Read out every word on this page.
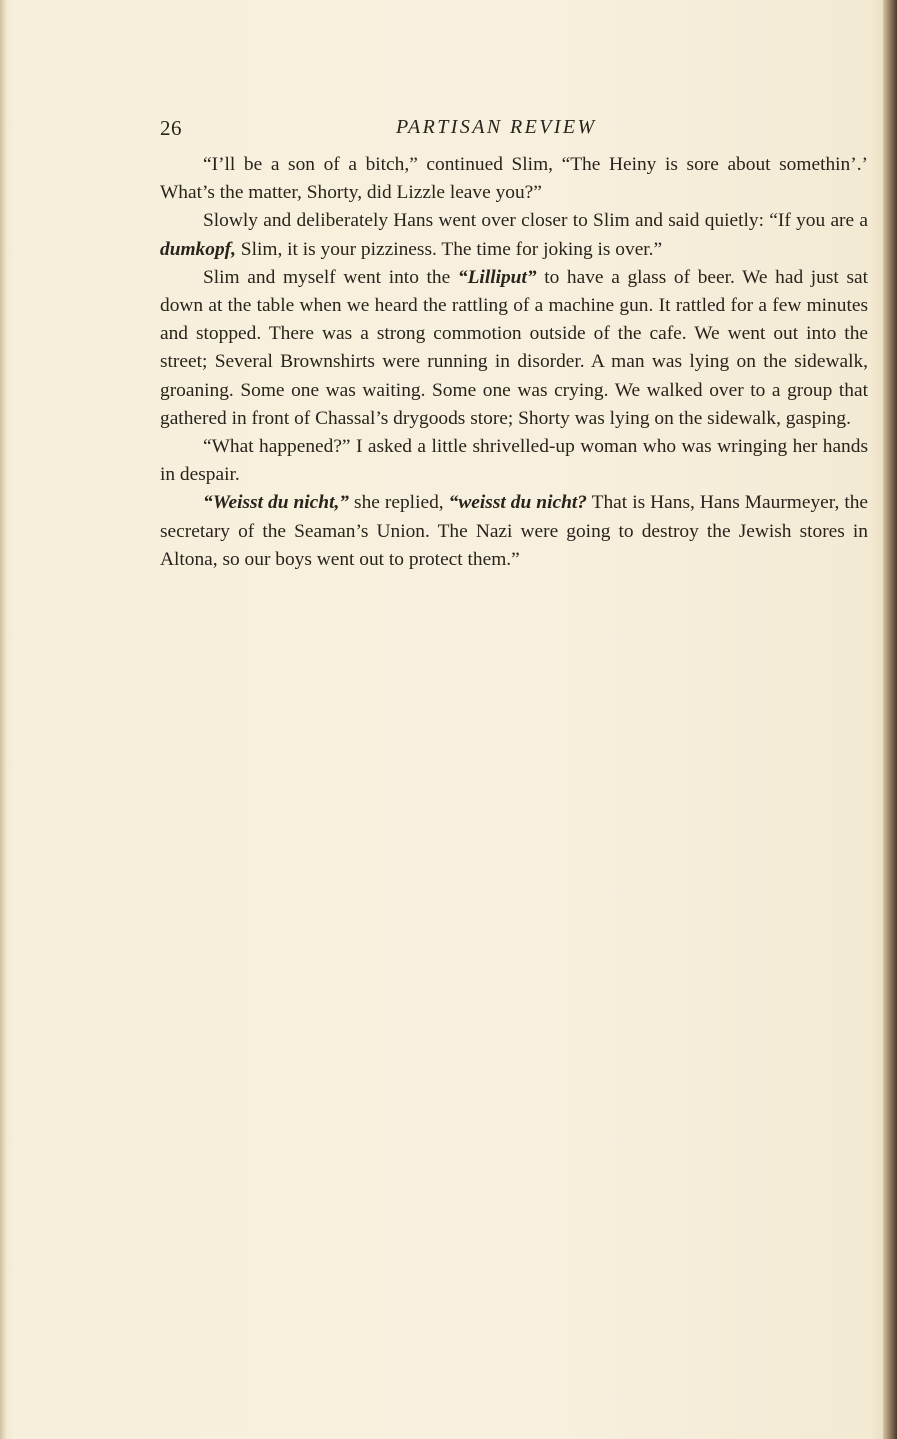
26	PARTISAN REVIEW

“I’ll be a son of a bitch,” continued Slim, “The Heiny is sore about somethin’.’ What’s the matter, Shorty, did Lizzle leave you?”

Slowly and deliberately Hans went over closer to Slim and said quietly: “If you are a dumkopf, Slim, it is your pizziness. The time for joking is over.”

Slim and myself went into the “Lilliput” to have a glass of beer. We had just sat down at the table when we heard the rattling of a machine gun. It rattled for a few minutes and stopped. There was a strong commotion outside of the cafe. We went out into the street; Several Brownshirts were running in disorder. A man was lying on the sidewalk, groaning. Some one was waiting. Some one was crying. We walked over to a group that gathered in front of Chassal’s drygoods store; Shorty was lying on the sidewalk, gasping.

“What happened?” I asked a little shrivelled-up woman who was wringing her hands in despair.

“Weisst du nicht,” she replied, “weisst du nicht? That is Hans, Hans Maurmeyer, the secretary of the Seaman’s Union. The Nazi were going to destroy the Jewish stores in Altona, so our boys went out to protect them.”
